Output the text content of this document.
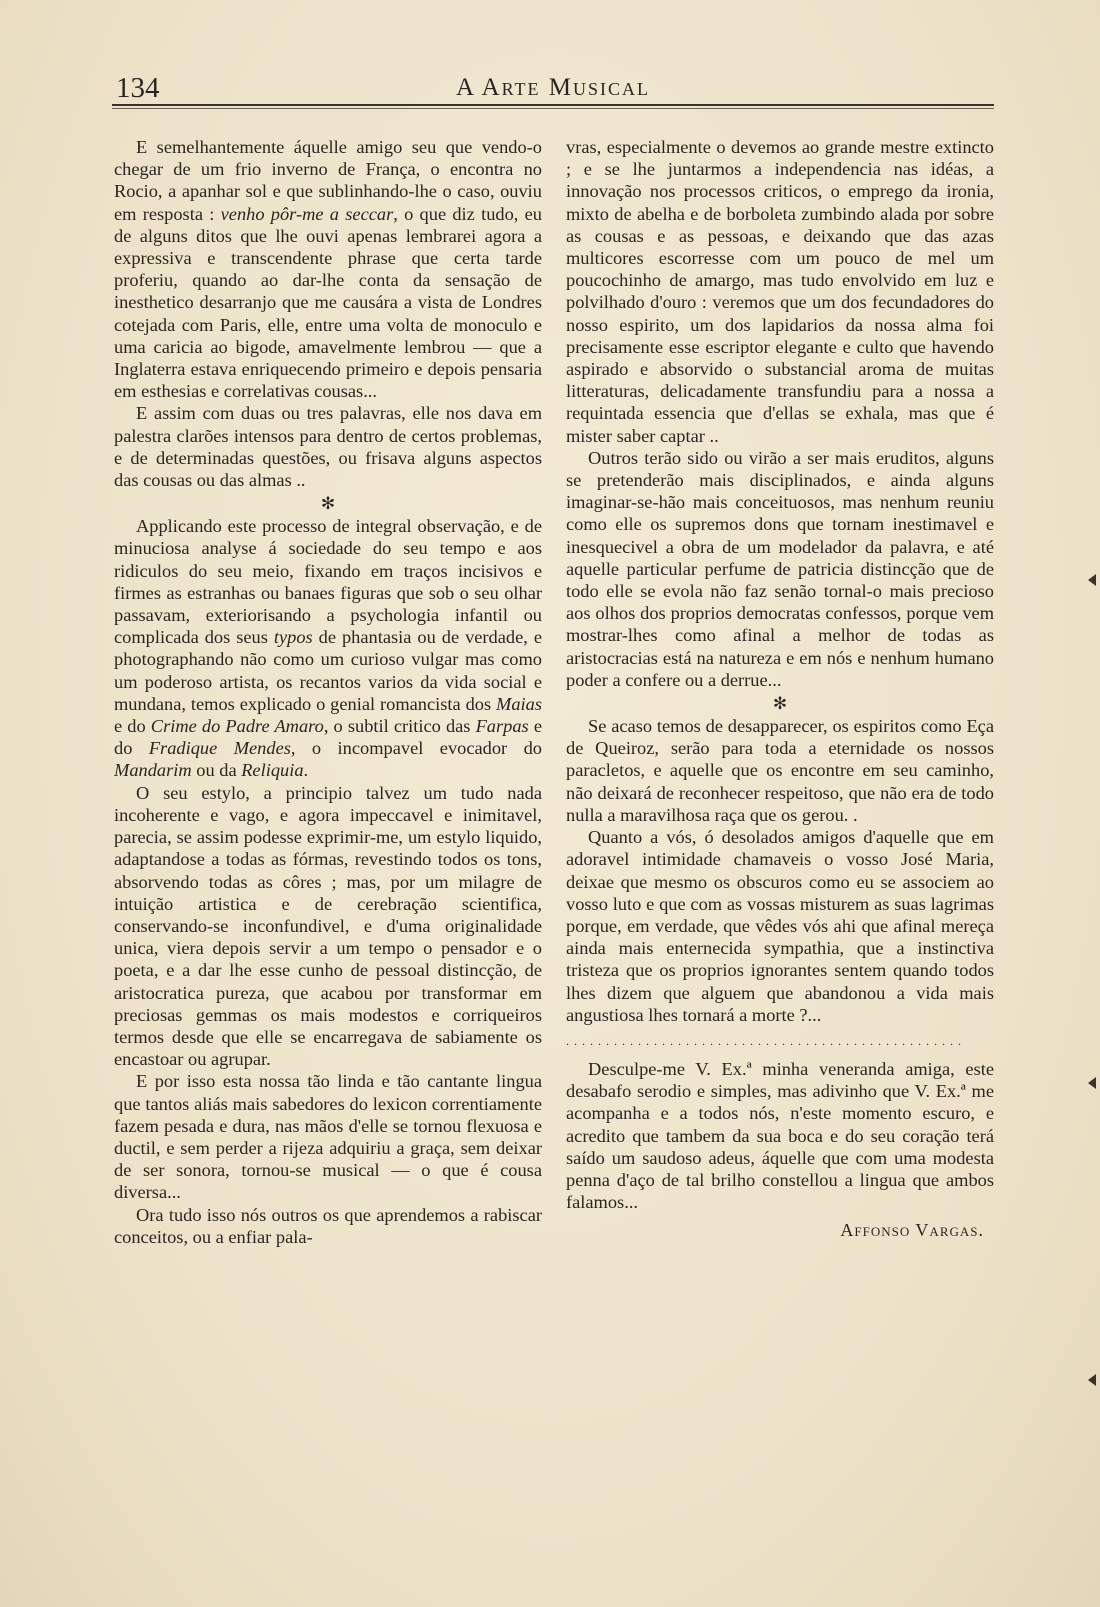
134	A Arte Musical

E semelhantemente áquelle amigo seu que vendo-o chegar de um frio inverno de França, o encontra no Rocio, a apanhar sol e que sublinhando-lhe o caso, ouviu em resposta : venho pôr-me a seccar, o que diz tudo, eu de alguns ditos que lhe ouvi apenas lembrarei agora a expressiva e transcendente phrase que certa tarde proferiu, quando ao dar-lhe conta da sensação de inesthetico desarranjo que me causára a vista de Londres cotejada com Paris, elle, entre uma volta de monoculo e uma caricia ao bigode, amavelmente lembrou — que a Inglaterra estava enriquecendo primeiro e depois pensaria em esthesias e correlativas cousas...

E assim com duas ou tres palavras, elle nos dava em palestra clarões intensos para dentro de certos problemas, e de determinadas questões, ou frisava alguns aspectos das cousas ou das almas ..

✻

Applicando este processo de integral observação, e de minuciosa analyse á sociedade do seu tempo e aos ridiculos do seu meio, fixando em traços incisivos e firmes as estranhas ou banaes figuras que sob o seu olhar passavam, exteriorisando a psychologia infantil ou complicada dos seus typos de phantasia ou de verdade, e photographando não como um curioso vulgar mas como um poderoso artista, os recantos varios da vida social e mundana, temos explicado o genial romancista dos Maias e do Crime do Padre Amaro, o subtil critico das Farpas e do Fradique Mendes, o incompavel evocador do Mandarim ou da Reliquia.

O seu estylo, a principio talvez um tudo nada incoherente e vago, e agora impeccavel e inimitavel, parecia, se assim podesse exprimir-me, um estylo liquido, adaptandose a todas as fórmas, revestindo todos os tons, absorvendo todas as côres ; mas, por um milagre de intuição artistica e de cerebração scientifica, conservando-se inconfundivel, e d'uma originalidade unica, viera depois servir a um tempo o pensador e o poeta, e a dar lhe esse cunho de pessoal distincção, de aristocratica pureza, que acabou por transformar em preciosas gemmas os mais modestos e corriqueiros termos desde que elle se encarregava de sabiamente os encastoar ou agrupar.

E por isso esta nossa tão linda e tão cantante lingua que tantos aliás mais sabedores do lexicon correntiamente fazem pesada e dura, nas mãos d'elle se tornou flexuosa e ductil, e sem perder a rijeza adquiriu a graça, sem deixar de ser sonora, tornou-se musical — o que é cousa diversa...

Ora tudo isso nós outros os que aprendemos a rabiscar conceitos, ou a enfiar pala-

vras, especialmente o devemos ao grande mestre extincto ; e se lhe juntarmos a independencia nas idéas, a innovação nos processos criticos, o emprego da ironia, mixto de abelha e de borboleta zumbindo alada por sobre as cousas e as pessoas, e deixando que das azas multicores escorresse com um pouco de mel um poucochinho de amargo, mas tudo envolvido em luz e polvilhado d'ouro : veremos que um dos fecundadores do nosso espirito, um dos lapidarios da nossa alma foi precisamente esse escriptor elegante e culto que havendo aspirado e absorvido o substancial aroma de muitas litteraturas, delicadamente transfundiu para a nossa a requintada essencia que d'ellas se exhala, mas que é mister saber captar ..

Outros terão sido ou virão a ser mais eruditos, alguns se pretenderão mais disciplinados, e ainda alguns imaginar-se-hão mais conceituosos, mas nenhum reuniu como elle os supremos dons que tornam inestimavel e inesquecivel a obra de um modelador da palavra, e até aquelle particular perfume de patricia distincção que de todo elle se evola não faz senão tornal-o mais precioso aos olhos dos proprios democratas confessos, porque vem mostrar-lhes como afinal a melhor de todas as aristocracias está na natureza e em nós e nenhum humano poder a confere ou a derrue...

✻

Se acaso temos de desapparecer, os espiritos como Eça de Queiroz, serão para toda a eternidade os nossos paracletos, e aquelle que os encontre em seu caminho, não deixará de reconhecer respeitoso, que não era de todo nulla a maravilhosa raça que os gerou. .

Quanto a vós, ó desolados amigos d'aquelle que em adoravel intimidade chamaveis o vosso José Maria, deixae que mesmo os obscuros como eu se associem ao vosso luto e que com as vossas misturem as suas lagrimas porque, em verdade, que vêdes vós ahi que afinal mereça ainda mais enternecida sympathia, que a instinctiva tristeza que os proprios ignorantes sentem quando todos lhes dizem que alguem que abandonou a vida mais angustiosa lhes tornará a morte ?...

. . . . . . . . . . . . . . . . . . . . . . . . . . . . . . . . . . . . . . . . . . . . . . . . . .

Desculpe-me V. Ex.ª minha veneranda amiga, este desabafo serodio e simples, mas adivinho que V. Ex.ª me acompanha e a todos nós, n'este momento escuro, e acredito que tambem da sua boca e do seu coração terá saído um saudoso adeus, áquelle que com uma modesta penna d'aço de tal brilho constellou a lingua que ambos falamos...

Affonso Vargas.
